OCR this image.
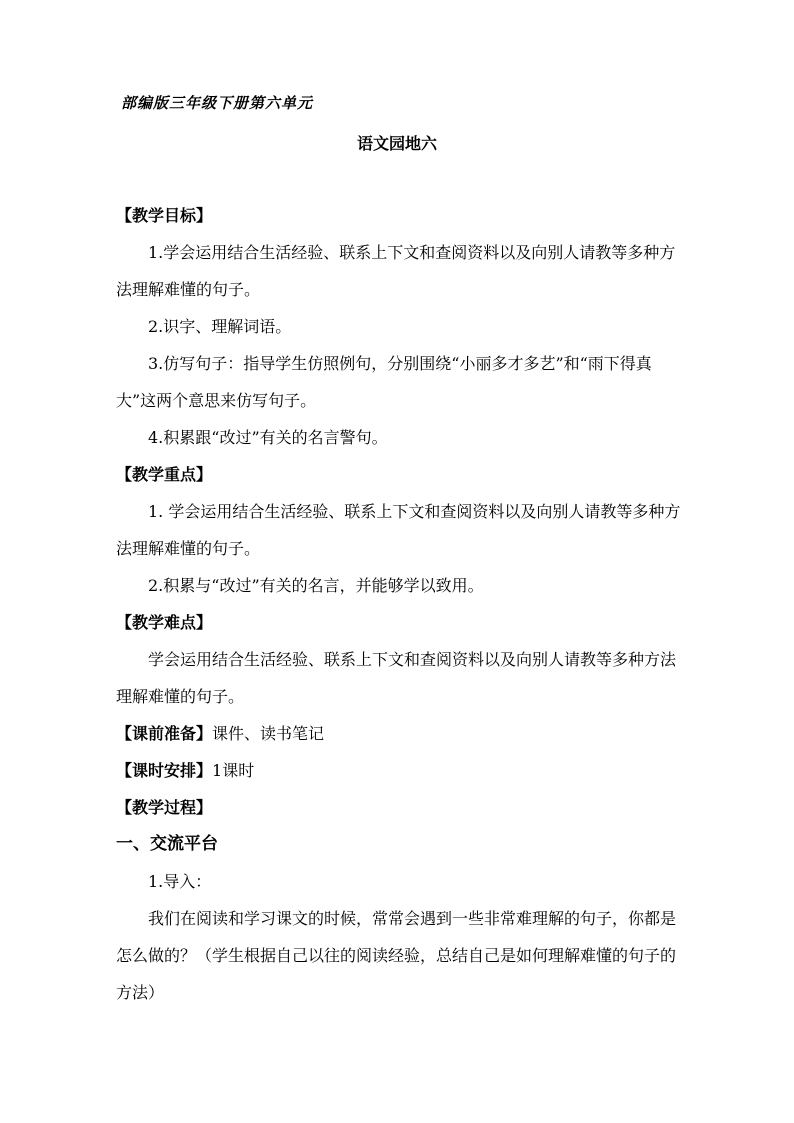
部编版三年级下册第六单元
语文园地六

【教学目标】

1.学会运用结合生活经验、联系上下文和查阅资料以及向别人请教等多种方法理解难懂的句子。

2.识字、理解词语。

3.仿写句子：指导学生仿照例句，分别围绕“小丽多才多艺”和“雨下得真大”这两个意思来仿写句子。

4.积累跟“改过”有关的名言警句。

【教学重点】

1. 学会运用结合生活经验、联系上下文和查阅资料以及向别人请教等多种方法理解难懂的句子。

2.积累与“改过”有关的名言，并能够学以致用。

【教学难点】

学会运用结合生活经验、联系上下文和查阅资料以及向别人请教等多种方法理解难懂的句子。

【课前准备】课件、读书笔记

【课时安排】1课时

【教学过程】

一、交流平台

1.导入：

我们在阅读和学习课文的时候，常常会遇到一些非常难理解的句子，你都是怎么做的？（学生根据自己以往的阅读经验，总结自己是如何理解难懂的句子的方法）
